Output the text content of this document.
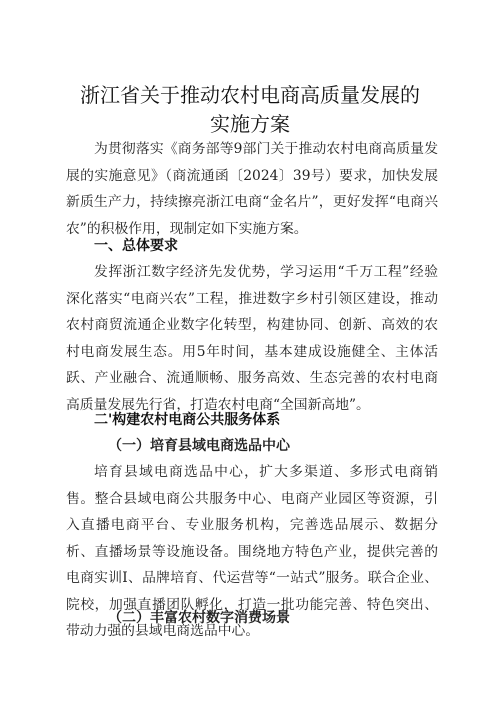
浙江省关于推动农村电商高质量发展的
实施方案

为贯彻落实《商务部等9部门关于推动农村电商高质量发展的实施意见》（商流通函〔2024〕39号）要求，加快发展新质生产力，持续擦亮浙江电商“金名片”，更好发挥“电商兴农”的积极作用，现制定如下实施方案。

一、总体要求

发挥浙江数字经济先发优势，学习运用“千万工程”经验深化落实“电商兴农”工程，推进数字乡村引领区建设，推动农村商贸流通企业数字化转型，构建协同、创新、高效的农村电商发展生态。用5年时间，基本建成设施健全、主体活跃、产业融合、流通顺畅、服务高效、生态完善的农村电商高质量发展先行省，打造农村电商“全国新高地”。

二'构建农村电商公共服务体系
（一）培育县域电商选品中心

培育县域电商选品中心，扩大多渠道、多形式电商销售。整合县域电商公共服务中心、电商产业园区等资源，引入直播电商平台、专业服务机构，完善选品展示、数据分析、直播场景等设施设备。围绕地方特色产业，提供完善的电商实训I、品牌培育、代运营等“一站式”服务。联合企业、院校，加强直播团队孵化，打造一批功能完善、特色突出、带动力强的县域电商选品中心。

（二）丰富农村数字消费场景
